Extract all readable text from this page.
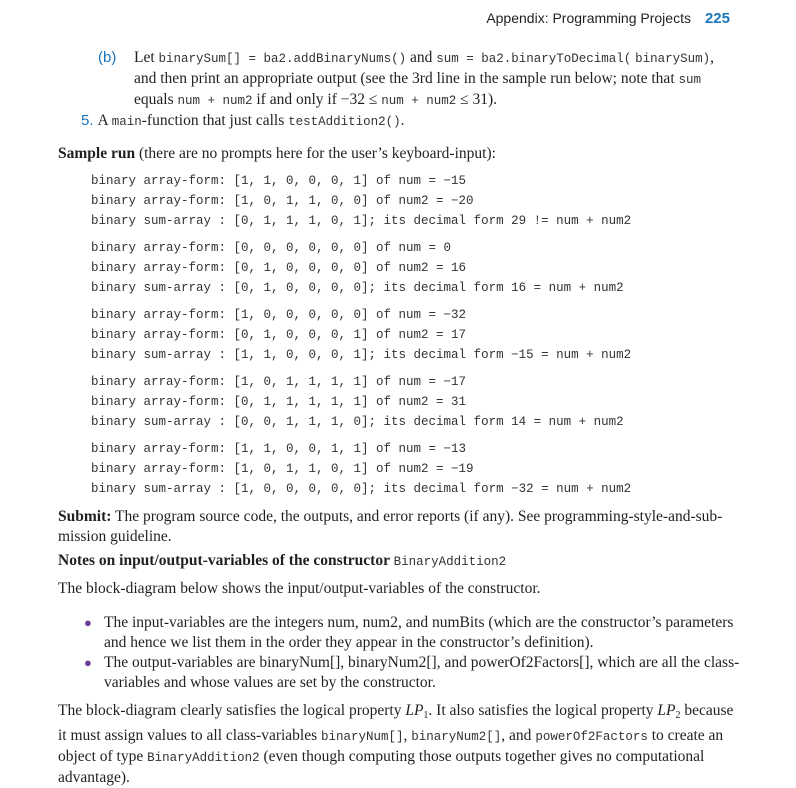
Appendix: Programming Projects 225
(b) Let binarySum[] = ba2.addBinaryNums() and sum = ba2.binaryToDecimal( binarySum), and then print an appropriate output (see the 3rd line in the sample run below; note that sum equals num + num2 if and only if −32 ≤ num + num2 ≤ 31).
5. A main-function that just calls testAddition2().
Sample run (there are no prompts here for the user’s keyboard-input):
binary array-form: [1, 1, 0, 0, 0, 1] of num = −15
binary array-form: [1, 0, 1, 1, 0, 0] of num2 = −20
binary sum-array : [0, 1, 1, 1, 0, 1]; its decimal form 29 != num + num2
binary array-form: [0, 0, 0, 0, 0, 0] of num = 0
binary array-form: [0, 1, 0, 0, 0, 0] of num2 = 16
binary sum-array : [0, 1, 0, 0, 0, 0]; its decimal form 16 = num + num2
binary array-form: [1, 0, 0, 0, 0, 0] of num = −32
binary array-form: [0, 1, 0, 0, 0, 1] of num2 = 17
binary sum-array : [1, 1, 0, 0, 0, 1]; its decimal form −15 = num + num2
binary array-form: [1, 0, 1, 1, 1, 1] of num = −17
binary array-form: [0, 1, 1, 1, 1, 1] of num2 = 31
binary sum-array : [0, 0, 1, 1, 1, 0]; its decimal form 14 = num + num2
binary array-form: [1, 1, 0, 0, 1, 1] of num = −13
binary array-form: [1, 0, 1, 1, 0, 1] of num2 = −19
binary sum-array : [1, 0, 0, 0, 0, 0]; its decimal form −32 = num + num2
Submit: The program source code, the outputs, and error reports (if any). See programming-style-and-sub-mission guideline.
Notes on input/output-variables of the constructor BinaryAddition2
The block-diagram below shows the input/output-variables of the constructor.
● The input-variables are the integers num, num2, and numBits (which are the constructor’s parameters and hence we list them in the order they appear in the constructor’s definition).
● The output-variables are binaryNum[], binaryNum2[], and powerOf2Factors[], which are all the class-variables and whose values are set by the constructor.
The block-diagram clearly satisfies the logical property $LP_1$. It also satisfies the logical property $LP_2$ because it must assign values to all class-variables binaryNum[], binaryNum2[], and powerOf2Factors to create an object of type BinaryAddition2 (even though computing those outputs together gives no computational advantage).
